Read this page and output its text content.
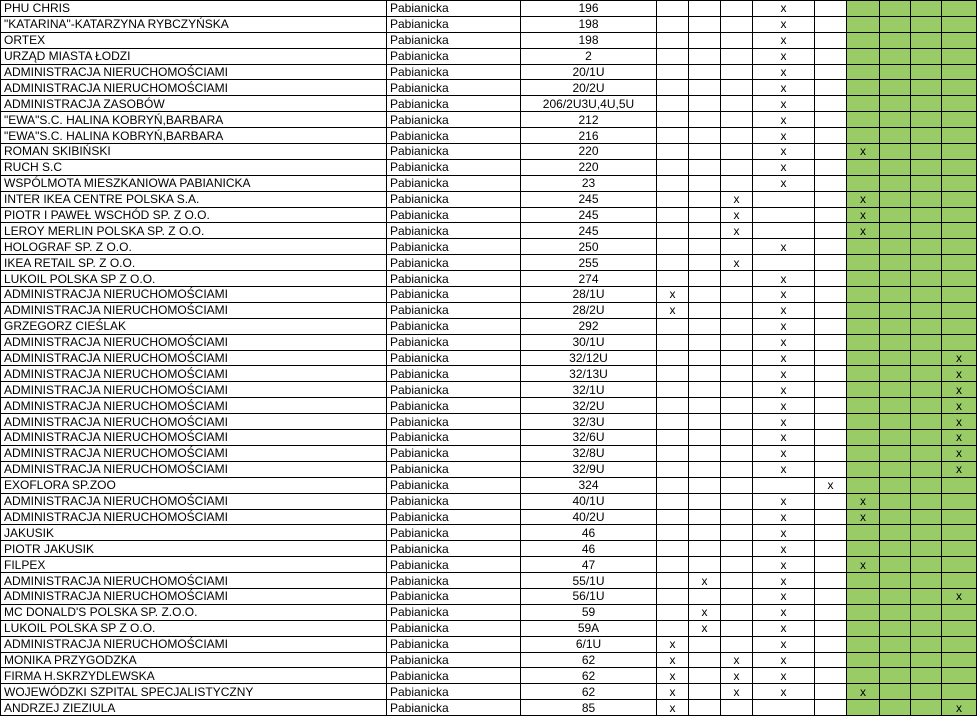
PHU CHRIS	Pabianicka	196				x					
"KATARINA"-KATARZYNA RYBCZYŃSKA	Pabianicka	198				x					
ORTEX	Pabianicka	198				x					
URZĄD MIASTA ŁODZI	Pabianicka	2				x					
ADMINISTRACJA NIERUCHOMOŚCIAMI	Pabianicka	20/1U				x					
ADMINISTRACJA NIERUCHOMOŚCIAMI	Pabianicka	20/2U				x					
ADMINISTRACJA ZASOBÓW	Pabianicka	206/2U3U,4U,5U				x					
"EWA"S.C. HALINA KOBRYŃ,BARBARA	Pabianicka	212				x					
"EWA"S.C. HALINA KOBRYŃ,BARBARA	Pabianicka	216				x					
ROMAN SKIBIŃSKI	Pabianicka	220				x		x			
RUCH S.C	Pabianicka	220				x					
WSPÓLMOTA MIESZKANIOWA PABIANICKA	Pabianicka	23				x					
INTER IKEA CENTRE POLSKA S.A.	Pabianicka	245			x			x			
PIOTR I PAWEŁ WSCHÓD SP. Z O.O.	Pabianicka	245			x			x			
LEROY MERLIN POLSKA SP. Z O.O.	Pabianicka	245			x			x			
HOLOGRAF SP. Z O.O.	Pabianicka	250				x					
IKEA RETAIL SP. Z O.O.	Pabianicka	255			x						
LUKOIL POLSKA SP Z O.O.	Pabianicka	274				x					
ADMINISTRACJA NIERUCHOMOŚCIAMI	Pabianicka	28/1U	x			x					
ADMINISTRACJA NIERUCHOMOŚCIAMI	Pabianicka	28/2U	x			x					
GRZEGORZ CIEŚLAK	Pabianicka	292				x					
ADMINISTRACJA NIERUCHOMOŚCIAMI	Pabianicka	30/1U				x					
ADMINISTRACJA NIERUCHOMOŚCIAMI	Pabianicka	32/12U				x					x
ADMINISTRACJA NIERUCHOMOŚCIAMI	Pabianicka	32/13U				x					x
ADMINISTRACJA NIERUCHOMOŚCIAMI	Pabianicka	32/1U				x					x
ADMINISTRACJA NIERUCHOMOŚCIAMI	Pabianicka	32/2U				x					x
ADMINISTRACJA NIERUCHOMOŚCIAMI	Pabianicka	32/3U				x					x
ADMINISTRACJA NIERUCHOMOŚCIAMI	Pabianicka	32/6U				x					x
ADMINISTRACJA NIERUCHOMOŚCIAMI	Pabianicka	32/8U				x					x
ADMINISTRACJA NIERUCHOMOŚCIAMI	Pabianicka	32/9U				x					x
EXOFLORA SP.ZOO	Pabianicka	324					x				
ADMINISTRACJA NIERUCHOMOŚCIAMI	Pabianicka	40/1U				x		x			
ADMINISTRACJA NIERUCHOMOŚCIAMI	Pabianicka	40/2U				x		x			
JAKUSIK	Pabianicka	46				x					
PIOTR JAKUSIK	Pabianicka	46				x					
FILPEX	Pabianicka	47				x		x			
ADMINISTRACJA NIERUCHOMOŚCIAMI	Pabianicka	55/1U		x		x					
ADMINISTRACJA NIERUCHOMOŚCIAMI	Pabianicka	56/1U				x					x
MC DONALD'S POLSKA SP. Z.O.O.	Pabianicka	59		x		x					
LUKOIL POLSKA SP Z O.O.	Pabianicka	59A		x		x					
ADMINISTRACJA NIERUCHOMOŚCIAMI	Pabianicka	6/1U	x			x					
MONIKA PRZYGODZKA	Pabianicka	62	x		x	x					
FIRMA H.SKRZYDLEWSKA	Pabianicka	62	x		x	x					
WOJEWÓDZKI SZPITAL SPECJALISTYCZNY	Pabianicka	62	x		x	x		x			
ANDRZEJ ZIEZIULA	Pabianicka	85	x								x
